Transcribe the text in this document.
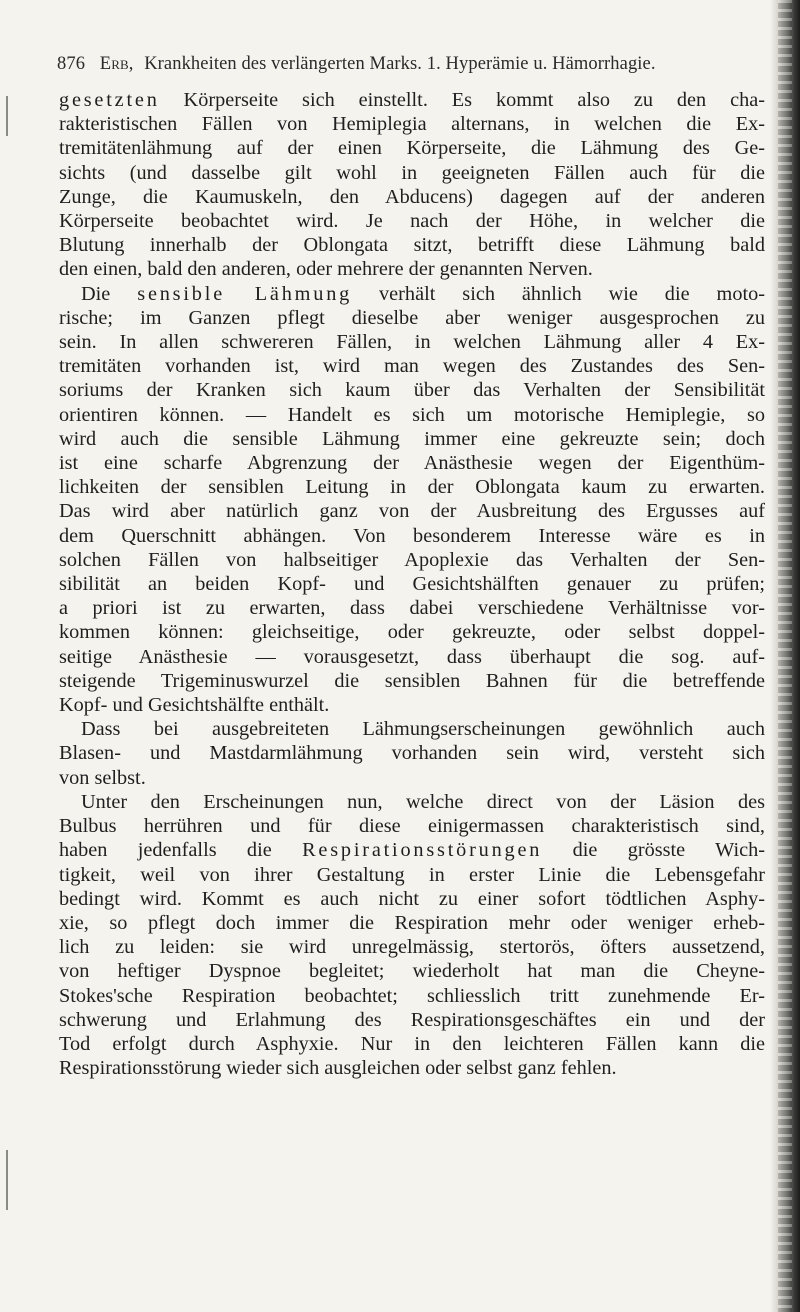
876 Erb, Krankheiten des verlängerten Marks. 1. Hyperämie u. Hämorrhagie.
gesetzten Körperseite sich einstellt. Es kommt also zu den cha-
rakteristischen Fällen von Hemiplegia alternans, in welchen die Ex-
tremitätenlähmung auf der einen Körperseite, die Lähmung des Ge-
sichts (und dasselbe gilt wohl in geeigneten Fällen auch für die
Zunge, die Kaumuskeln, den Abducens) dagegen auf der anderen
Körperseite beobachtet wird. Je nach der Höhe, in welcher die
Blutung innerhalb der Oblongata sitzt, betrifft diese Lähmung bald
den einen, bald den anderen, oder mehrere der genannten Nerven.
Die sensible Lähmung verhält sich ähnlich wie die moto-
rische; im Ganzen pflegt dieselbe aber weniger ausgesprochen zu
sein. In allen schwereren Fällen, in welchen Lähmung aller 4 Ex-
tremitäten vorhanden ist, wird man wegen des Zustandes des Sen-
soriums der Kranken sich kaum über das Verhalten der Sensibilität
orientiren können. — Handelt es sich um motorische Hemiplegie, so
wird auch die sensible Lähmung immer eine gekreuzte sein; doch
ist eine scharfe Abgrenzung der Anästhesie wegen der Eigenthüm-
lichkeiten der sensiblen Leitung in der Oblongata kaum zu erwarten.
Das wird aber natürlich ganz von der Ausbreitung des Ergusses auf
dem Querschnitt abhängen. Von besonderem Interesse wäre es in
solchen Fällen von halbseitiger Apoplexie das Verhalten der Sen-
sibilität an beiden Kopf- und Gesichtshälften genauer zu prüfen;
a priori ist zu erwarten, dass dabei verschiedene Verhältnisse vor-
kommen können: gleichseitige, oder gekreuzte, oder selbst doppel-
seitige Anästhesie — vorausgesetzt, dass überhaupt die sog. auf-
steigende Trigeminuswurzel die sensiblen Bahnen für die betreffende
Kopf- und Gesichtshälfte enthält.
Dass bei ausgebreiteten Lähmungserscheinungen gewöhnlich auch
Blasen- und Mastdarmlähmung vorhanden sein wird, versteht sich
von selbst.
Unter den Erscheinungen nun, welche direct von der Läsion des
Bulbus herrühren und für diese einigermassen charakteristisch sind,
haben jedenfalls die Respirationsstörungen die grösste Wich-
tigkeit, weil von ihrer Gestaltung in erster Linie die Lebensgefahr
bedingt wird. Kommt es auch nicht zu einer sofort tödtlichen Asphy-
xie, so pflegt doch immer die Respiration mehr oder weniger erheb-
lich zu leiden: sie wird unregelmässig, stertorös, öfters aussetzend,
von heftiger Dyspnoe begleitet; wiederholt hat man die Cheyne-
Stokes'sche Respiration beobachtet; schliesslich tritt zunehmende Er-
schwerung und Erlahmung des Respirationsgeschäftes ein und der
Tod erfolgt durch Asphyxie. Nur in den leichteren Fällen kann die
Respirationsstörung wieder sich ausgleichen oder selbst ganz fehlen.
